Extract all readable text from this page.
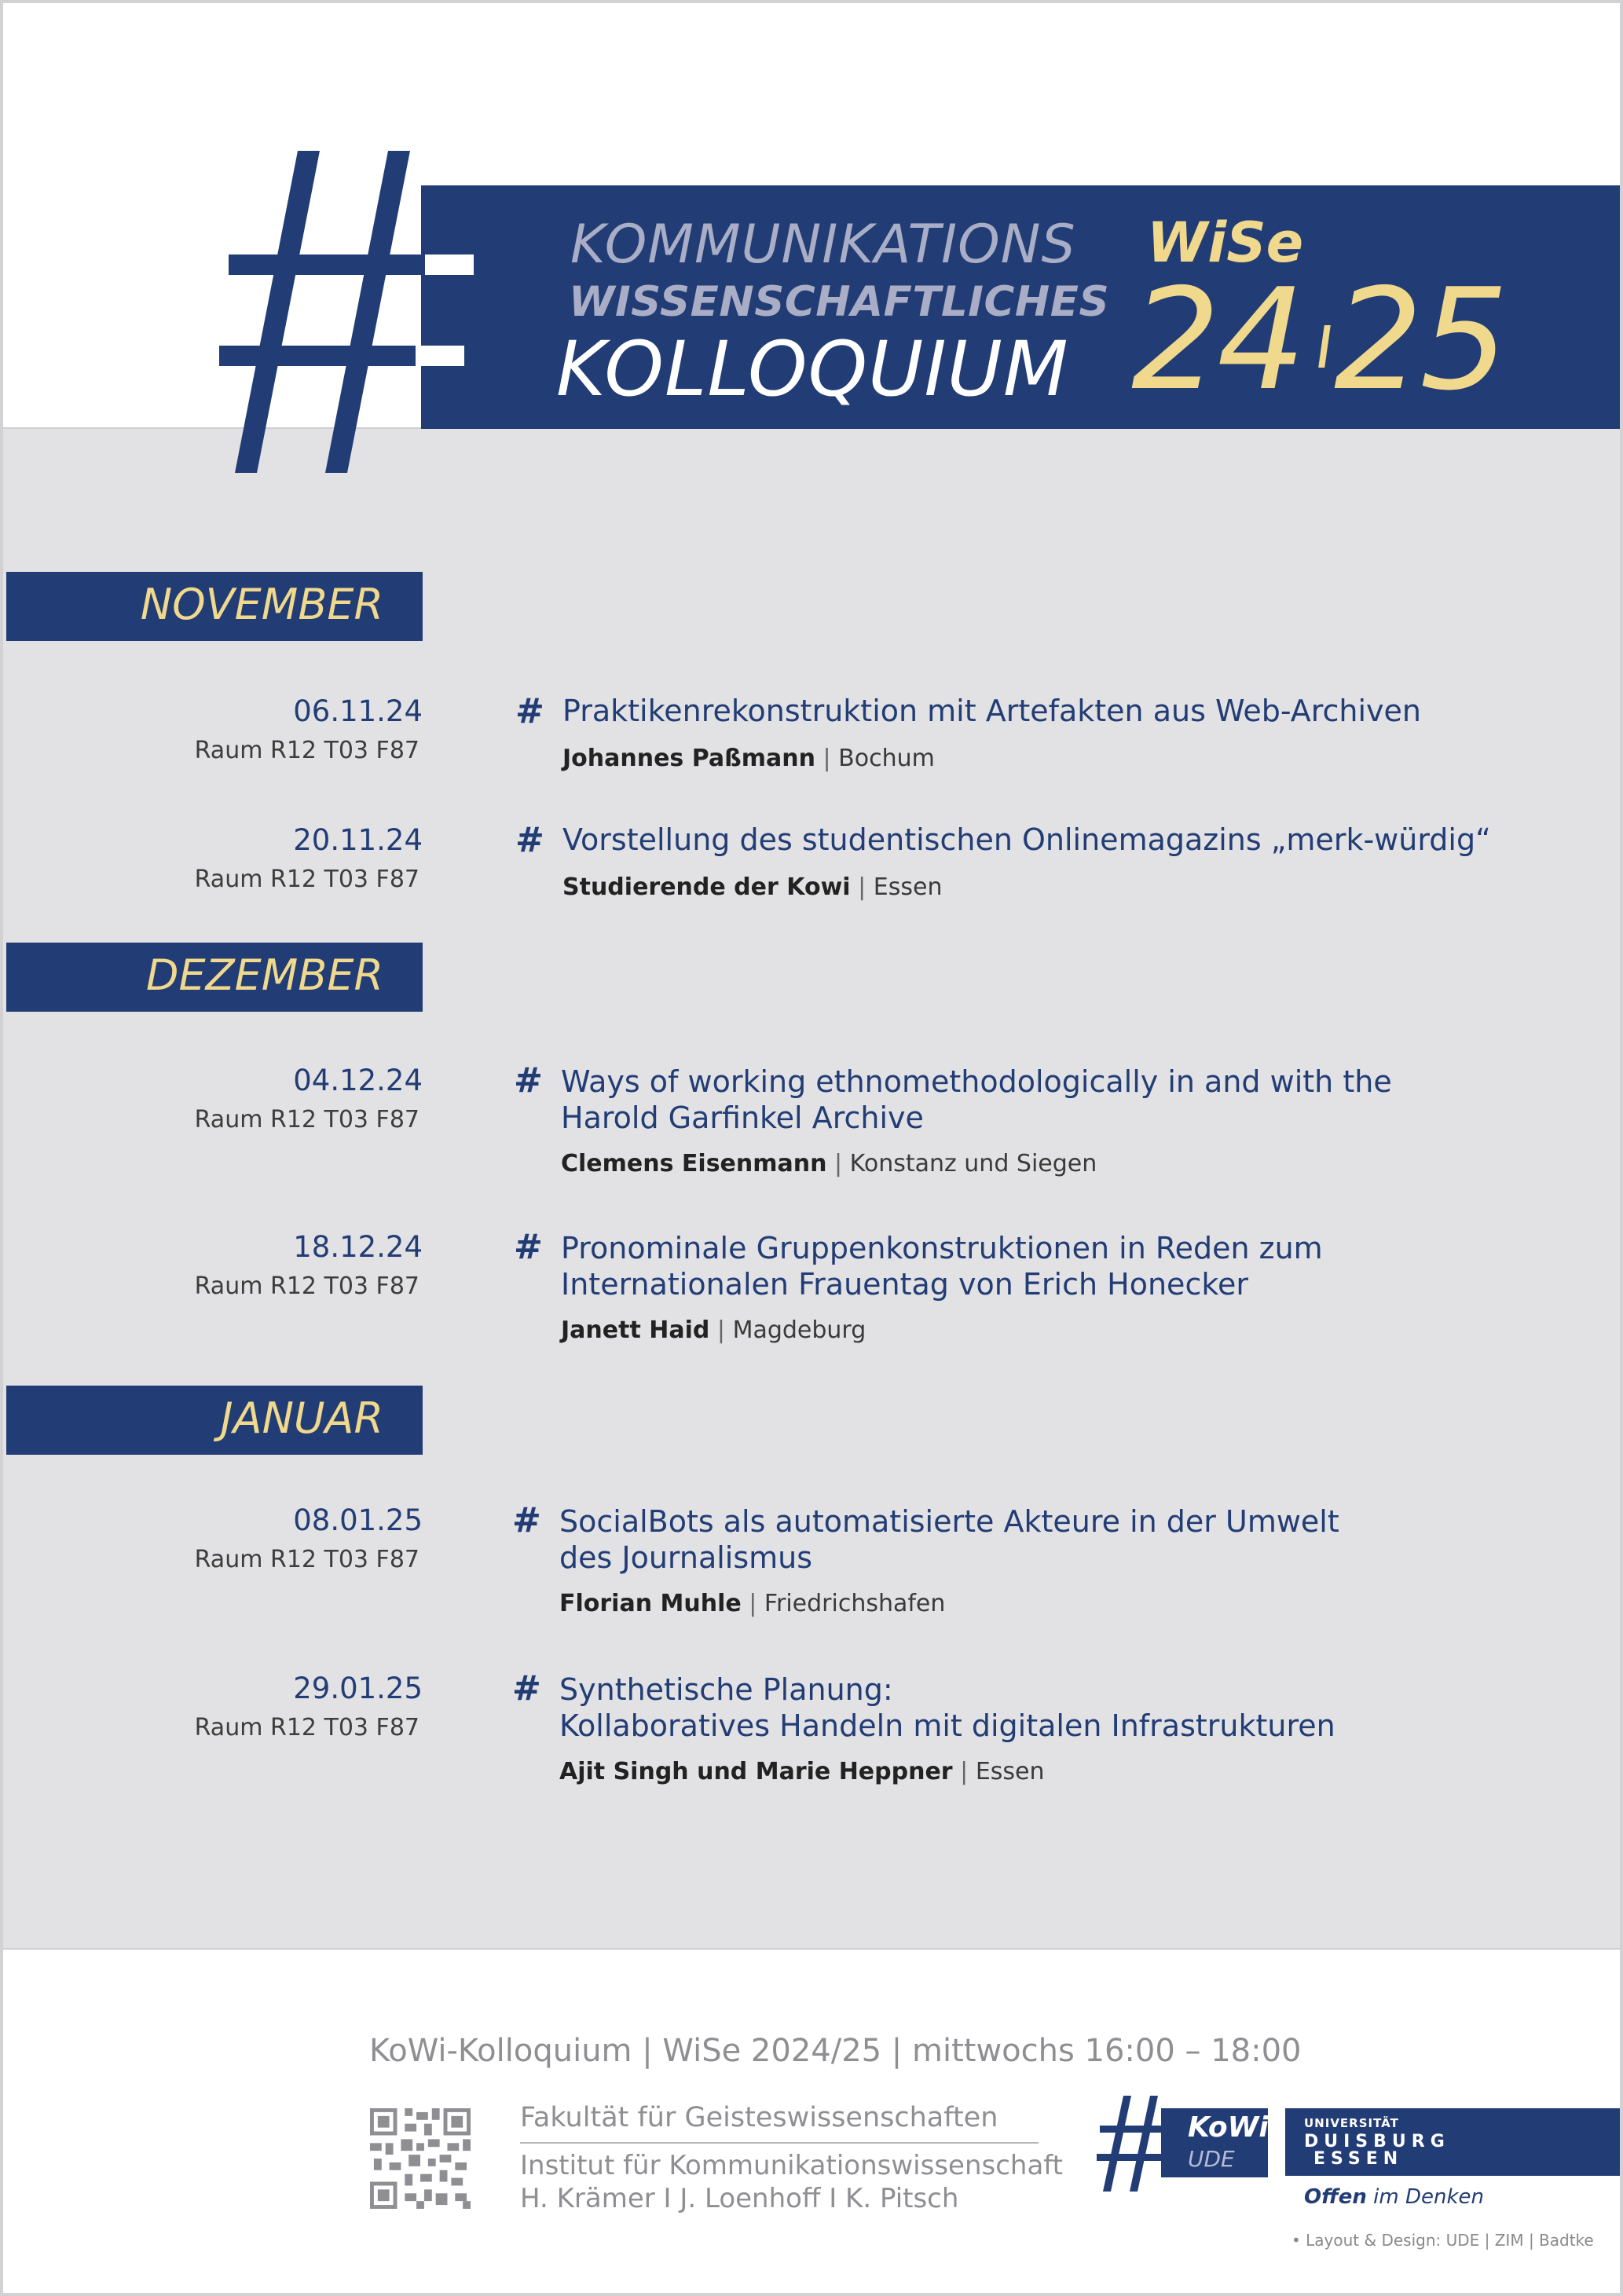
KOMMUNIKATIONS
WISSENSCHAFTLICHES
KOLLOQUIUM
WiSe
24 25
NOVEMBER
06.11.24
Raum R12 T03 F87
# Praktikenrekonstruktion mit Artefakten aus Web-Archiven
Johannes Paßmann | Bochum
20.11.24
Raum R12 T03 F87
# Vorstellung des studentischen Onlinemagazins „merk-würdig“
Studierende der Kowi | Essen
DEZEMBER
04.12.24
Raum R12 T03 F87
# Ways of working ethnomethodologically in and with the
Harold Garfinkel Archive
Clemens Eisenmann | Konstanz und Siegen
18.12.24
Raum R12 T03 F87
# Pronominale Gruppenkonstruktionen in Reden zum
Internationalen Frauentag von Erich Honecker
Janett Haid | Magdeburg
JANUAR
08.01.25
Raum R12 T03 F87
# SocialBots als automatisierte Akteure in der Umwelt
des Journalismus
Florian Muhle | Friedrichshafen
29.01.25
Raum R12 T03 F87
# Synthetische Planung:
Kollaboratives Handeln mit digitalen Infrastrukturen
Ajit Singh und Marie Heppner | Essen
KoWi-Kolloquium | WiSe 2024/25 | mittwochs 16:00 – 18:00
Fakultät für Geisteswissenschaften
Institut für Kommunikationswissenschaft
H. Krämer I J. Loenhoff I K. Pitsch
KoWi
UDE
UNIVERSITÄT
DUISBURG
ESSEN
Offen im Denken
• Layout & Design: UDE | ZIM | Badtke
